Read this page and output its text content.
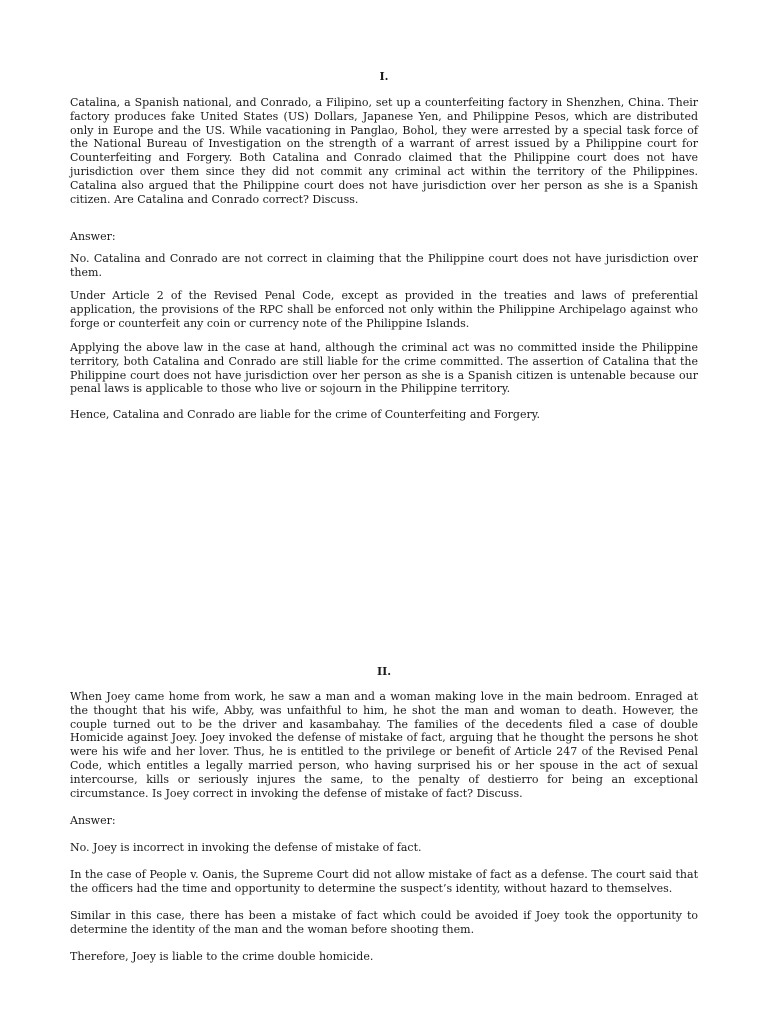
I.

Catalina, a Spanish national, and Conrado, a Filipino, set up a counterfeiting factory in Shenzhen, China. Their factory produces fake United States (US) Dollars, Japanese Yen, and Philippine Pesos, which are distributed only in Europe and the US. While vacationing in Panglao, Bohol, they were arrested by a special task force of the National Bureau of Investigation on the strength of a warrant of arrest issued by a Philippine court for Counterfeiting and Forgery. Both Catalina and Conrado claimed that the Philippine court does not have jurisdiction over them since they did not commit any criminal act within the territory of the Philippines. Catalina also argued that the Philippine court does not have jurisdiction over her person as she is a Spanish citizen. Are Catalina and Conrado correct? Discuss.

Answer:

No. Catalina and Conrado are not correct in claiming that the Philippine court does not have jurisdiction over them.

Under Article 2 of the Revised Penal Code, except as provided in the treaties and laws of preferential application, the provisions of the RPC shall be enforced not only within the Philippine Archipelago against who forge or counterfeit any coin or currency note of the Philippine Islands.

Applying the above law in the case at hand, although the criminal act was no committed inside the Philippine territory, both Catalina and Conrado are still liable for the crime committed. The assertion of Catalina that the Philippine court does not have jurisdiction over her person as she is a Spanish citizen is untenable because our penal laws is applicable to those who live or sojourn in the Philippine territory.

Hence, Catalina and Conrado are liable for the crime of Counterfeiting and Forgery.

II.

When Joey came home from work, he saw a man and a woman making love in the main bedroom. Enraged at the thought that his wife, Abby, was unfaithful to him, he shot the man and woman to death. However, the couple turned out to be the driver and kasambahay. The families of the decedents filed a case of double Homicide against Joey. Joey invoked the defense of mistake of fact, arguing that he thought the persons he shot were his wife and her lover. Thus, he is entitled to the privilege or benefit of Article 247 of the Revised Penal Code, which entitles a legally married person, who having surprised his or her spouse in the act of sexual intercourse, kills or seriously injures the same, to the penalty of destierro for being an exceptional circumstance. Is Joey correct in invoking the defense of mistake of fact? Discuss.

Answer:

No. Joey is incorrect in invoking the defense of mistake of fact.

In the case of People v. Oanis, the Supreme Court did not allow mistake of fact as a defense. The court said that the officers had the time and opportunity to determine the suspect’s identity, without hazard to themselves.

Similar in this case, there has been a mistake of fact which could be avoided if Joey took the opportunity to determine the identity of the man and the woman before shooting them.

Therefore, Joey is liable to the crime double homicide.
